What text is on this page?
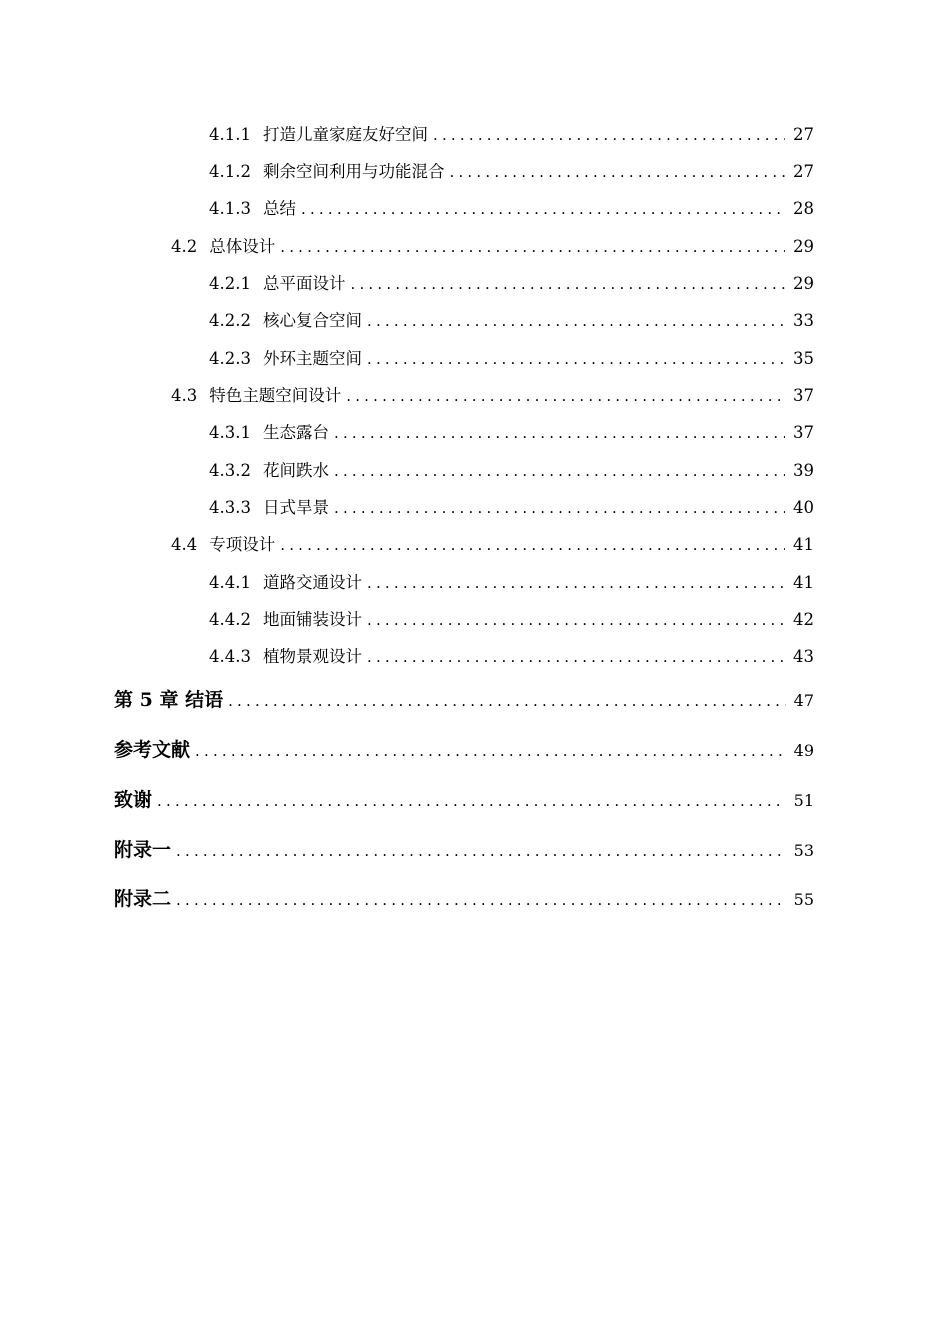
4.1.1 打造儿童家庭友好空间 .....	27
4.1.2 剩余空间利用与功能混合 .....	27
4.1.3 总结 .....	28
4.2 总体设计 .....	29
4.2.1 总平面设计 .....	29
4.2.2 核心复合空间 .....	33
4.2.3 外环主题空间 .....	35
4.3 特色主题空间设计 .....	37
4.3.1 生态露台 .....	37
4.3.2 花间跌水 .....	39
4.3.3 日式旱景 .....	40
4.4 专项设计 .....	41
4.4.1 道路交通设计 .....	41
4.4.2 地面铺装设计 .....	42
4.4.3 植物景观设计 .....	43
第 5 章 结语 .....	47
参考文献 .....	49
致谢 .....	51
附录一 .....	53
附录二 .....	55
